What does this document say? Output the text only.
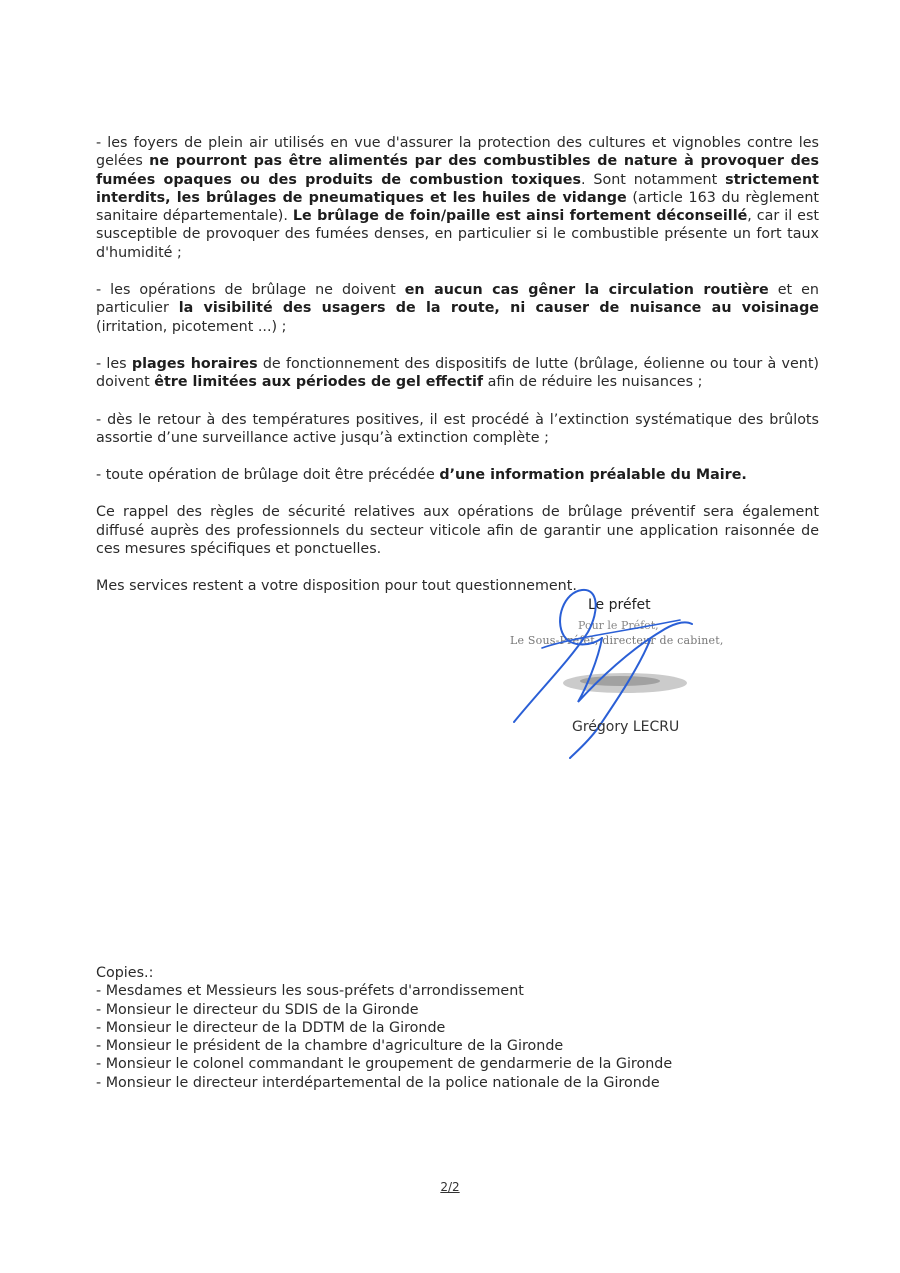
- les foyers de plein air utilisés en vue d'assurer la protection des cultures et vignobles contre les gelées ne pourront pas être alimentés par des combustibles de nature à provoquer des fumées opaques ou des produits de combustion toxiques. Sont notamment strictement interdits, les brûlages de pneumatiques et les huiles de vidange (article 163 du règlement sanitaire départementale). Le brûlage de foin/paille est ainsi fortement déconseillé, car il est susceptible de provoquer des fumées denses, en particulier si le combustible présente un fort taux d'humidité ;

- les opérations de brûlage ne doivent en aucun cas gêner la circulation routière et en particulier la visibilité des usagers de la route, ni causer de nuisance au voisinage (irritation, picotement ...) ;

- les plages horaires de fonctionnement des dispositifs de lutte (brûlage, éolienne ou tour à vent) doivent être limitées aux périodes de gel effectif afin de réduire les nuisances ;

- dès le retour à des températures positives, il est procédé à l’extinction systématique des brûlots assortie d’une surveillance active jusqu’à extinction complète ;

- toute opération de brûlage doit être précédée d’une information préalable du Maire.

Ce rappel des règles de sécurité relatives aux opérations de brûlage préventif sera également diffusé auprès des professionnels du secteur viticole afin de garantir une application raisonnée de ces mesures spécifiques et ponctuelles.

Mes services restent a votre disposition pour tout questionnement.

Le préfet
Pour le Préfet,
Le Sous-Préfet, directeur de cabinet,
Grégory LECRU
Copies.:
- Mesdames et Messieurs les sous-préfets d'arrondissement
- Monsieur le directeur du SDIS de la Gironde
- Monsieur le directeur de la DDTM de la Gironde
- Monsieur le président de la chambre d'agriculture de la Gironde
- Monsieur le colonel commandant le groupement de gendarmerie de la Gironde
- Monsieur le directeur interdépartemental de la police nationale de la Gironde
2/2
